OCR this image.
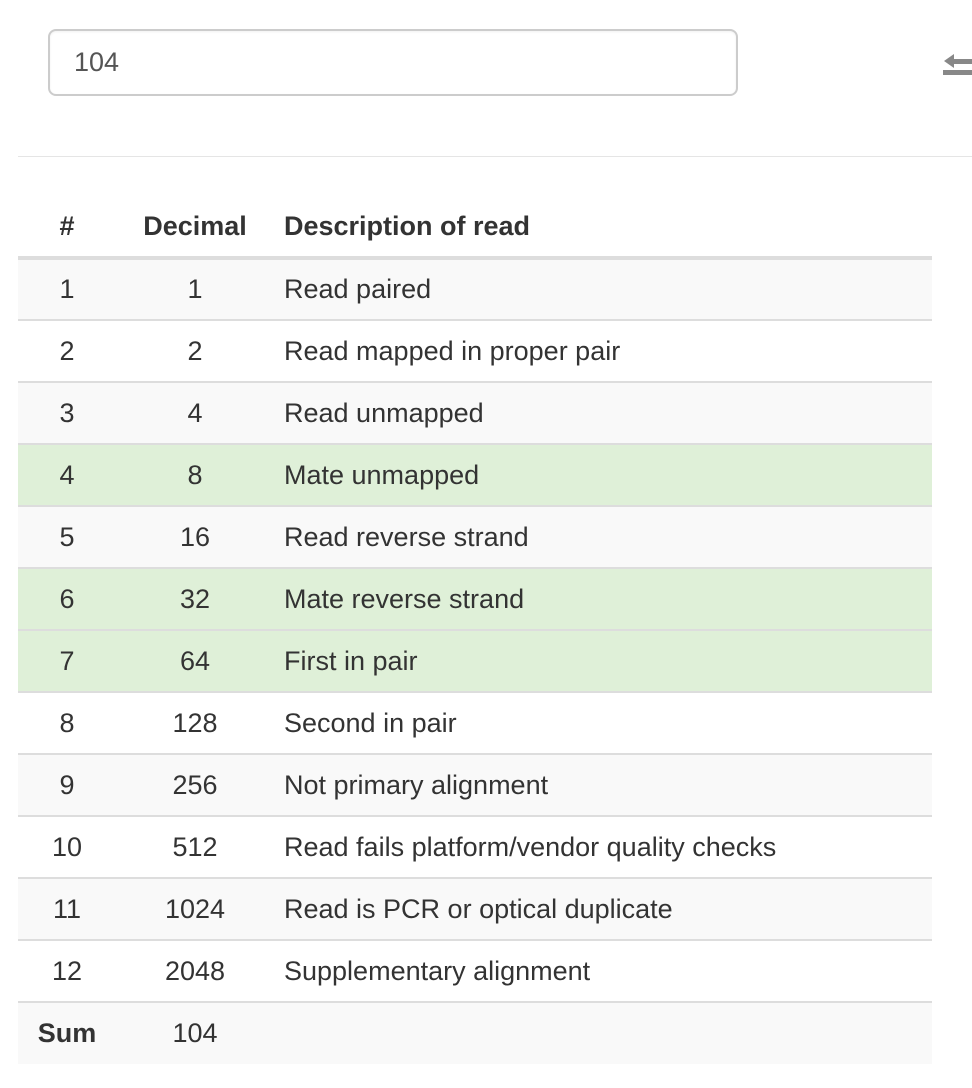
104
#	Decimal	Description of read
1	1	Read paired
2	2	Read mapped in proper pair
3	4	Read unmapped
4	8	Mate unmapped
5	16	Read reverse strand
6	32	Mate reverse strand
7	64	First in pair
8	128	Second in pair
9	256	Not primary alignment
10	512	Read fails platform/vendor quality checks
11	1024	Read is PCR or optical duplicate
12	2048	Supplementary alignment
Sum	104	
